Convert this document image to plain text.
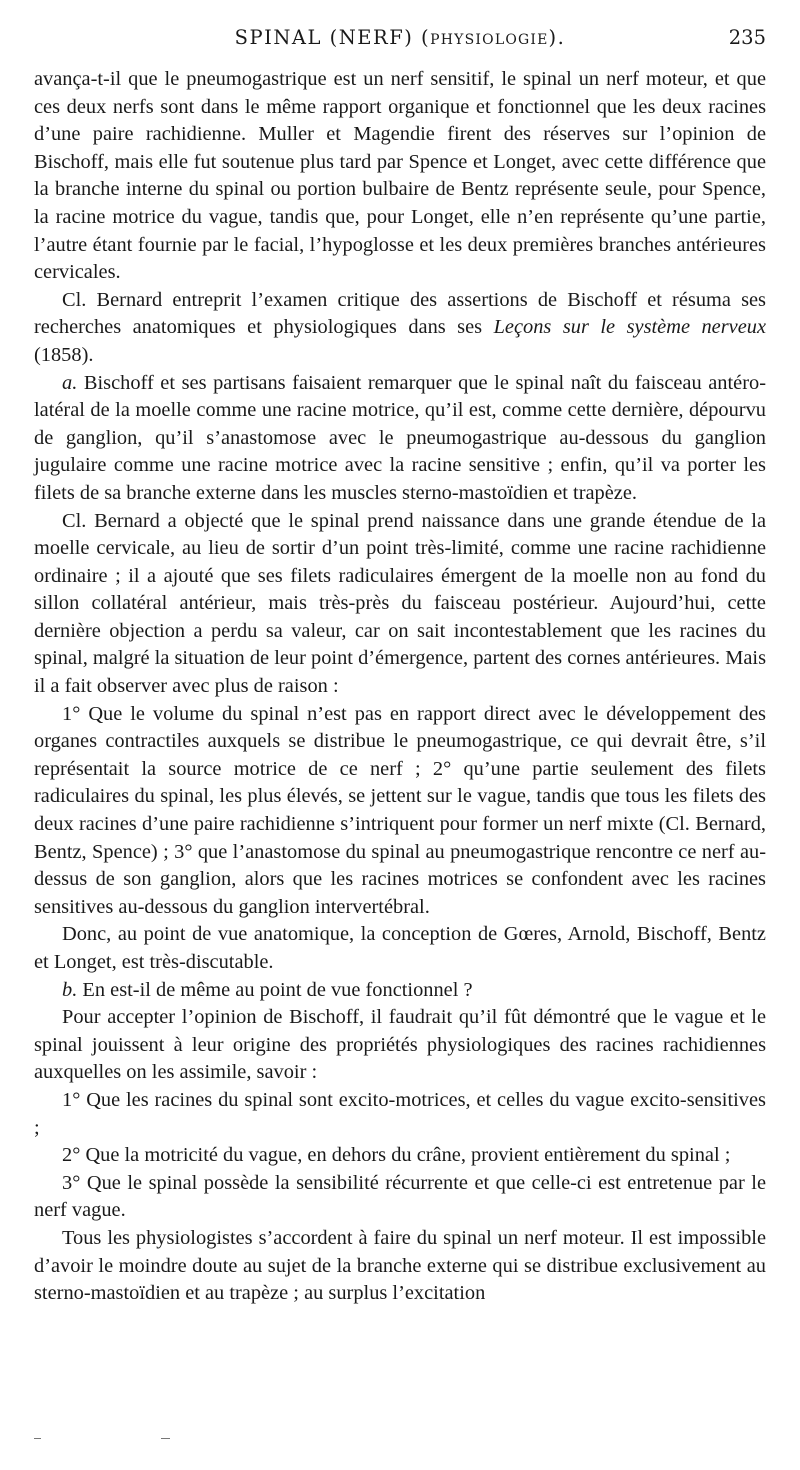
SPINAL (NERF) (PHYSIOLOGIE).	235

avança-t-il que le pneumogastrique est un nerf sensitif, le spinal un nerf moteur, et que ces deux nerfs sont dans le même rapport organique et fonctionnel que les deux racines d’une paire rachidienne. Muller et Magendie firent des réserves sur l’opinion de Bischoff, mais elle fut soutenue plus tard par Spence et Longet, avec cette différence que la branche interne du spinal ou portion bulbaire de Bentz représente seule, pour Spence, la racine motrice du vague, tandis que, pour Longet, elle n’en représente qu’une partie, l’autre étant fournie par le facial, l’hypoglosse et les deux premières branches antérieures cervicales.

Cl. Bernard entreprit l’examen critique des assertions de Bischoff et résuma ses recherches anatomiques et physiologiques dans ses Leçons sur le système nerveux (1858).

a. Bischoff et ses partisans faisaient remarquer que le spinal naît du faisceau antéro-latéral de la moelle comme une racine motrice, qu’il est, comme cette dernière, dépourvu de ganglion, qu’il s’anastomose avec le pneumogastrique au-dessous du ganglion jugulaire comme une racine motrice avec la racine sensitive ; enfin, qu’il va porter les filets de sa branche externe dans les muscles sterno-mastoïdien et trapèze.

Cl. Bernard a objecté que le spinal prend naissance dans une grande étendue de la moelle cervicale, au lieu de sortir d’un point très-limité, comme une racine rachidienne ordinaire ; il a ajouté que ses filets radiculaires émergent de la moelle non au fond du sillon collatéral antérieur, mais très-près du faisceau postérieur. Aujourd’hui, cette dernière objection a perdu sa valeur, car on sait incontestablement que les racines du spinal, malgré la situation de leur point d’émergence, partent des cornes antérieures. Mais il a fait observer avec plus de raison :

1° Que le volume du spinal n’est pas en rapport direct avec le développement des organes contractiles auxquels se distribue le pneumogastrique, ce qui devrait être, s’il représentait la source motrice de ce nerf ; 2° qu’une partie seulement des filets radiculaires du spinal, les plus élevés, se jettent sur le vague, tandis que tous les filets des deux racines d’une paire rachidienne s’intriquent pour former un nerf mixte (Cl. Bernard, Bentz, Spence) ; 3° que l’anastomose du spinal au pneumogastrique rencontre ce nerf au-dessus de son ganglion, alors que les racines motrices se confondent avec les racines sensitives au-dessous du ganglion intervertébral.

Donc, au point de vue anatomique, la conception de Gœres, Arnold, Bischoff, Bentz et Longet, est très-discutable.

b. En est-il de même au point de vue fonctionnel ?

Pour accepter l’opinion de Bischoff, il faudrait qu’il fût démontré que le vague et le spinal jouissent à leur origine des propriétés physiologiques des racines rachidiennes auxquelles on les assimile, savoir :

1° Que les racines du spinal sont excito-motrices, et celles du vague excito-sensitives ;

2° Que la motricité du vague, en dehors du crâne, provient entièrement du spinal ;

3° Que le spinal possède la sensibilité récurrente et que celle-ci est entretenue par le nerf vague.

Tous les physiologistes s’accordent à faire du spinal un nerf moteur. Il est impossible d’avoir le moindre doute au sujet de la branche externe qui se distribue exclusivement au sterno-mastoïdien et au trapèze ; au surplus l’excitation
